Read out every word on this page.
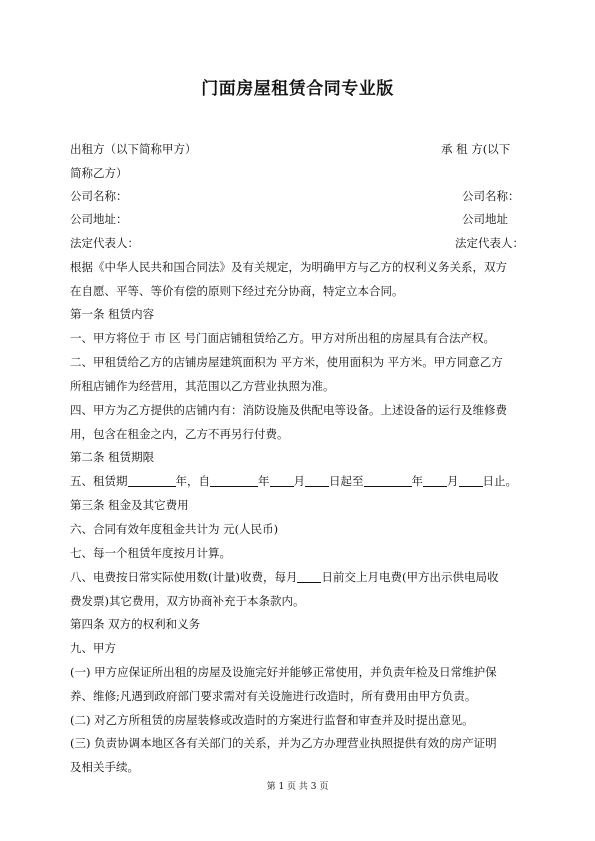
门面房屋租赁合同专业版
出租方（以下简称甲方）	承 租 方(以下
简称乙方）
公司名称：	公司名称：
公司地址：	公司地址
法定代表人：	法定代表人：
根据《中华人民共和国合同法》及有关规定，为明确甲方与乙方的权利义务关系，双方
在自愿、平等、等价有偿的原则下经过充分协商，特定立本合同。
第一条 租赁内容
一、甲方将位于 市 区 号门面店铺租赁给乙方。甲方对所出租的房屋具有合法产权。
二、甲租赁给乙方的店铺房屋建筑面积为 平方米，使用面积为 平方米。甲方同意乙方
所租店铺作为经营用，其范围以乙方营业执照为准。
四、甲方为乙方提供的店铺内有：消防设施及供配电等设备。上述设备的运行及维修费
用，包含在租金之内，乙方不再另行付费。
第二条 租赁期限
五、租赁期	年，自	年 月 日起至	年 月 日止。
第三条 租金及其它费用
六、合同有效年度租金共计为 元(人民币)
七、每一个租赁年度按月计算。
八、电费按日常实际使用数(计量)收费，每月 日前交上月电费(甲方出示供电局收
费发票)其它费用，双方协商补充于本条款内。
第四条 双方的权利和义务
九、甲方
(一) 甲方应保证所出租的房屋及设施完好并能够正常使用，并负责年检及日常维护保
养、维修;凡遇到政府部门要求需对有关设施进行改造时，所有费用由甲方负责。
(二) 对乙方所租赁的房屋装修或改造时的方案进行监督和审查并及时提出意见。
(三) 负责协调本地区各有关部门的关系，并为乙方办理营业执照提供有效的房产证明
及相关手续。
第 1 页 共 3 页
